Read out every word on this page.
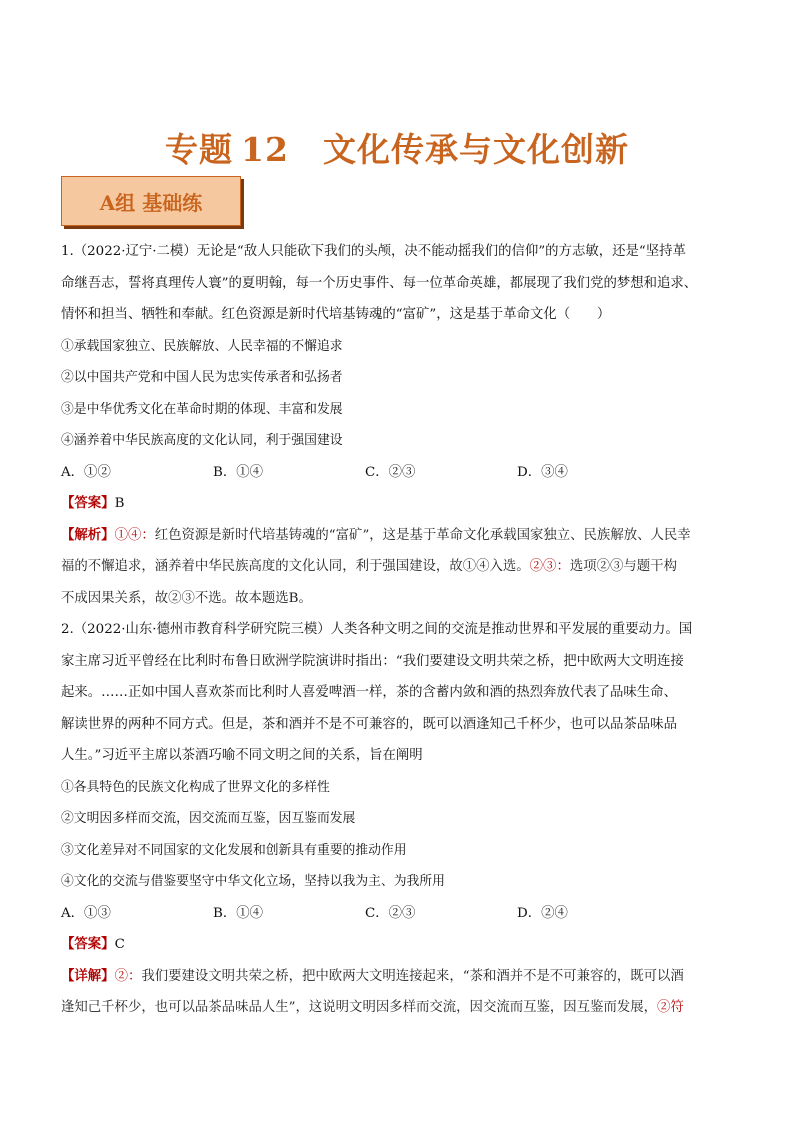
专题 12 文化传承与文化创新
A组 基础练

1.（2022·辽宁·二模）无论是“敌人只能砍下我们的头颅，决不能动摇我们的信仰”的方志敏，还是“坚持革

命继吾志，誓将真理传人寰”的夏明翰，每一个历史事件、每一位革命英雄，都展现了我们党的梦想和追求、

情怀和担当、牺牲和奉献。红色资源是新时代培基铸魂的“富矿”，这是基于革命文化（　　）

①承载国家独立、民族解放、人民幸福的不懈追求

②以中国共产党和中国人民为忠实传承者和弘扬者

③是中华优秀文化在革命时期的体现、丰富和发展

④涵养着中华民族高度的文化认同，利于强国建设

A．①②	B．①④	C．②③	D．③④

【答案】B

【解析】①④：红色资源是新时代培基铸魂的“富矿”，这是基于革命文化承载国家独立、民族解放、人民幸

福的不懈追求，涵养着中华民族高度的文化认同，利于强国建设，故①④入选。②③：选项②③与题干构

不成因果关系，故②③不选。故本题选B。

2.（2022·山东·德州市教育科学研究院三模）人类各种文明之间的交流是推动世界和平发展的重要动力。国

家主席习近平曾经在比利时布鲁日欧洲学院演讲时指出：“我们要建设文明共荣之桥，把中欧两大文明连接

起来。……正如中国人喜欢茶而比利时人喜爱啤酒一样，茶的含蓄内敛和酒的热烈奔放代表了品味生命、

解读世界的两种不同方式。但是，茶和酒并不是不可兼容的，既可以酒逢知己千杯少，也可以品茶品味品

人生。”习近平主席以茶酒巧喻不同文明之间的关系，旨在阐明

①各具特色的民族文化构成了世界文化的多样性

②文明因多样而交流，因交流而互鉴，因互鉴而发展

③文化差异对不同国家的文化发展和创新具有重要的推动作用

④文化的交流与借鉴要坚守中华文化立场，坚持以我为主、为我所用

A．①③	B．①④	C．②③	D．②④

【答案】C

【详解】②：我们要建设文明共荣之桥，把中欧两大文明连接起来，“茶和酒并不是不可兼容的，既可以酒

逢知己千杯少，也可以品茶品味品人生”，这说明文明因多样而交流，因交流而互鉴，因互鉴而发展，②符
